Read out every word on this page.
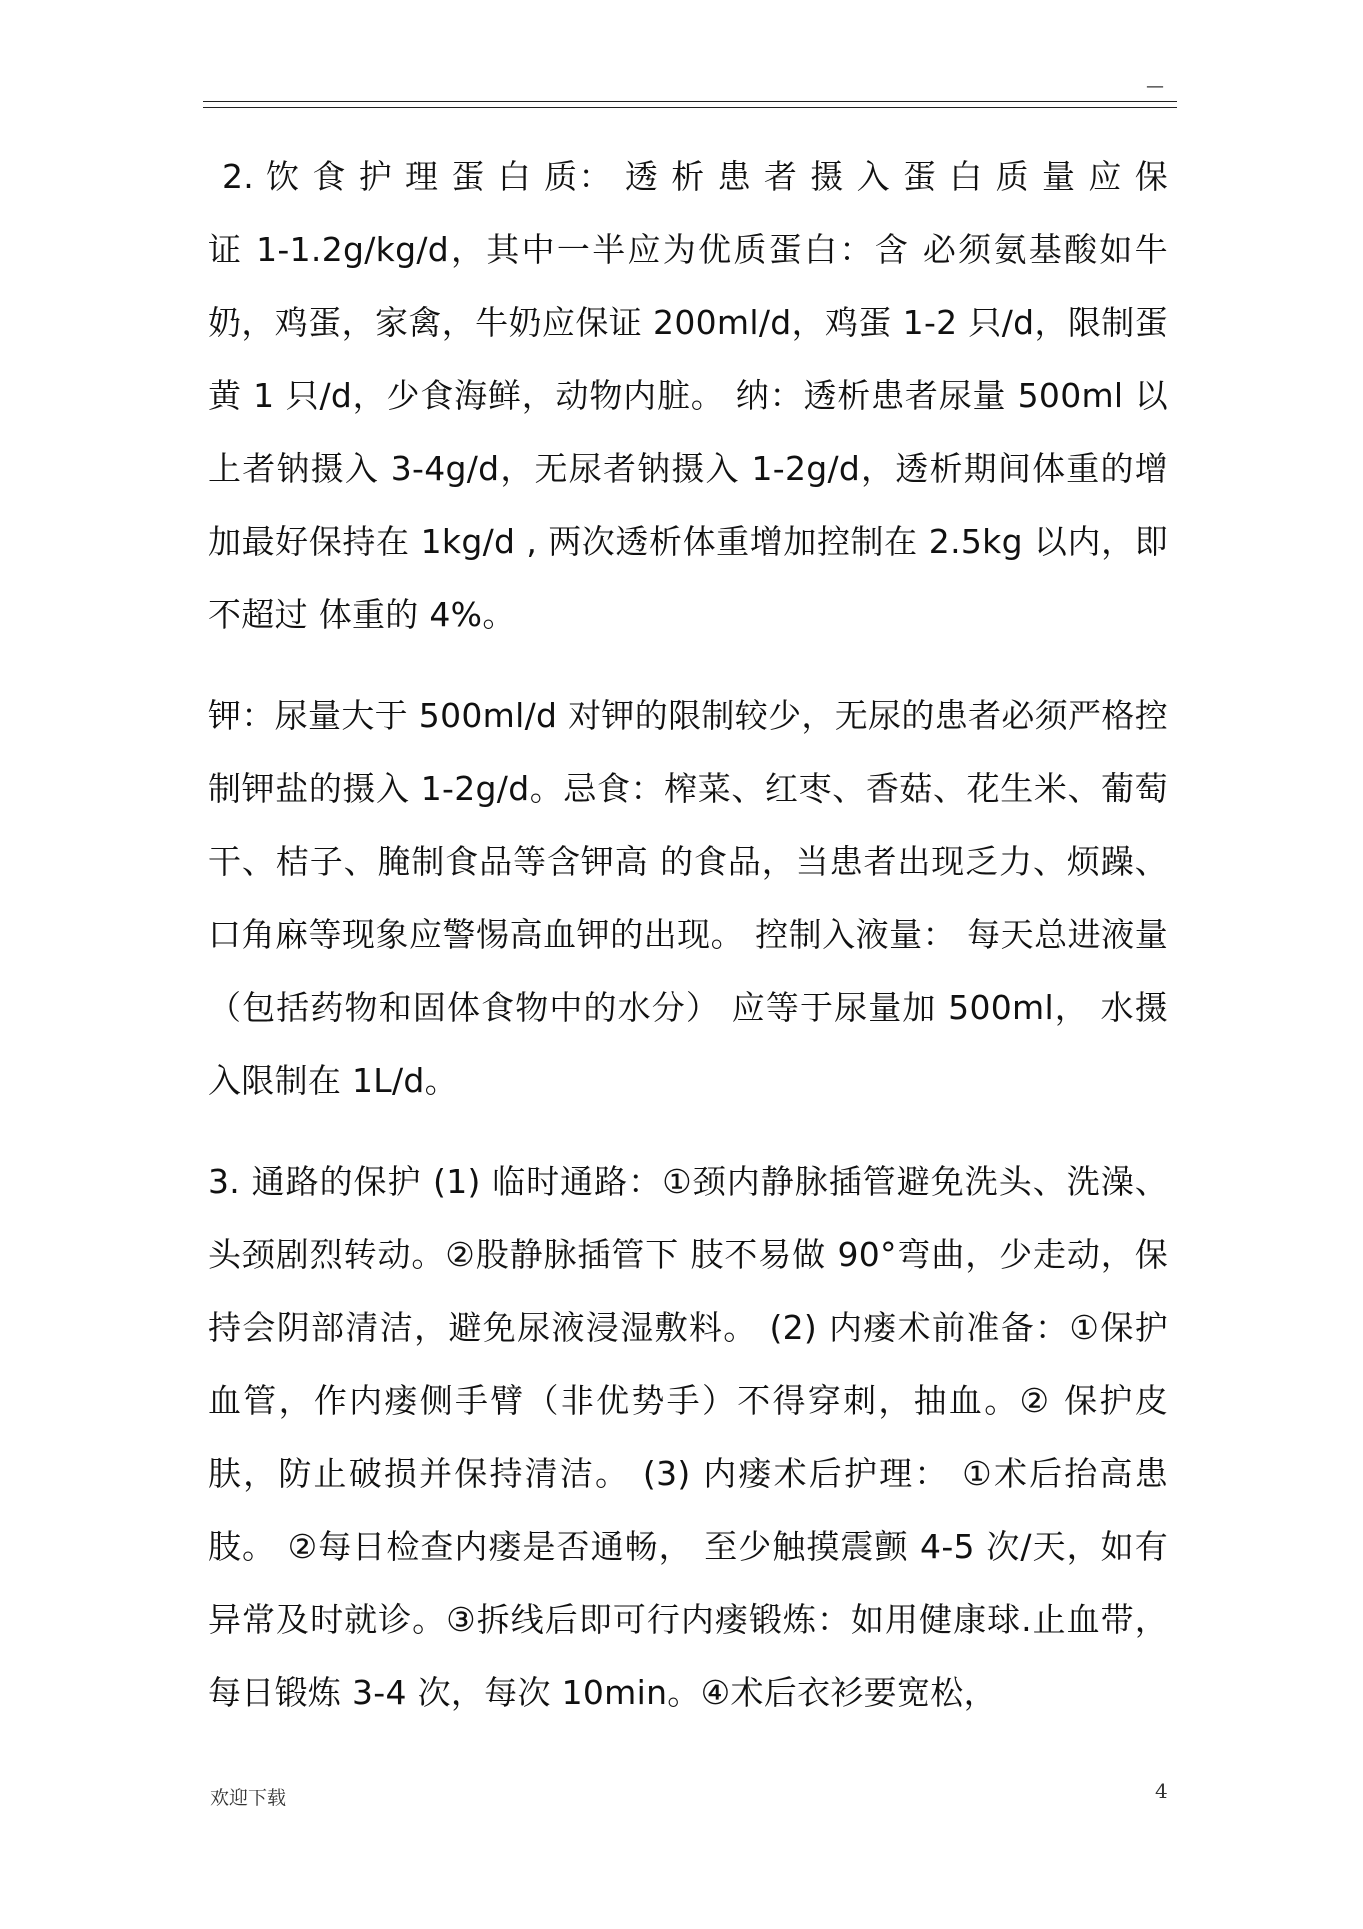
—

2. 饮 食 护 理 蛋 白 质： 透 析 患 者 摄 入 蛋 白 质 量 应 保 证 1-1.2g/kg/d，其中一半应为优质蛋白：含 必须氨基酸如牛奶，鸡蛋，家禽，牛奶应保证 200ml/d，鸡蛋 1-2 只/d，限制蛋黄 1 只/d，少食海鲜，动物内脏。 纳：透析患者尿量 500ml 以上者钠摄入 3-4g/d，无尿者钠摄入 1-2g/d，透析期间体重的增加最好保持在 1kg/d , 两次透析体重增加控制在 2.5kg 以内，即不超过 体重的 4%。

钾：尿量大于 500ml/d 对钾的限制较少，无尿的患者必须严格控制钾盐的摄入 1-2g/d。忌食：榨菜、红枣、香菇、花生米、葡萄干、桔子、腌制食品等含钾高 的食品，当患者出现乏力、烦躁、口角麻等现象应警惕高血钾的出现。 控制入液量： 每天总进液量 （包括药物和固体食物中的水分） 应等于尿量加 500ml， 水摄入限制在 1L/d。

3. 通路的保护 (1) 临时通路：①颈内静脉插管避免洗头、洗澡、头颈剧烈转动。②股静脉插管下 肢不易做 90°弯曲，少走动，保持会阴部清洁，避免尿液浸湿敷料。 (2) 内瘘术前准备：①保护血管，作内瘘侧手臂（非优势手）不得穿刺，抽血。② 保护皮肤，防止破损并保持清洁。 (3) 内瘘术后护理： ①术后抬高患肢。 ②每日检查内瘘是否通畅， 至少触摸震颤 4-5 次/天，如有异常及时就诊。③拆线后即可行内瘘锻炼：如用健康球.止血带， 每日锻炼 3-4 次，每次 10min。④术后衣衫要宽松，

欢迎下载	4
